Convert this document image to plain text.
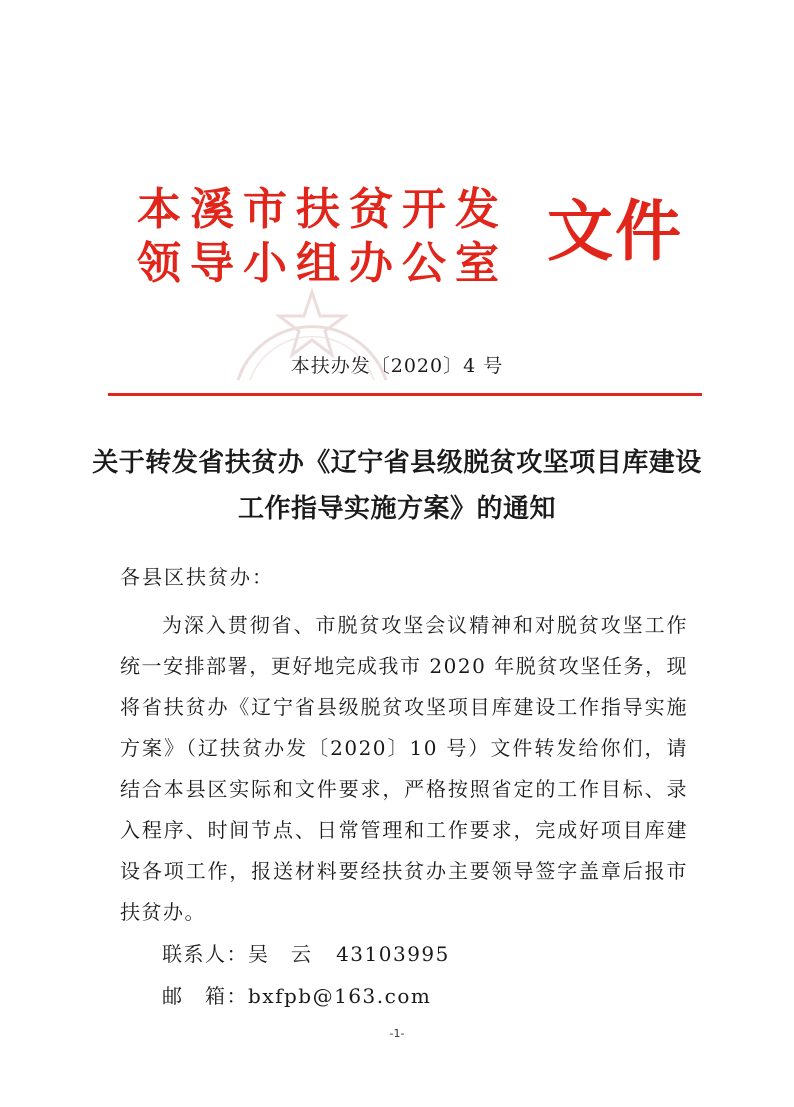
本溪市扶贫开发
领导小组办公室 文件
本扶办发〔2020〕4 号
关于转发省扶贫办《辽宁省县级脱贫攻坚项目库建设工作指导实施方案》的通知
各县区扶贫办：
为深入贯彻省、市脱贫攻坚会议精神和对脱贫攻坚工作统一安排部署，更好地完成我市 2020 年脱贫攻坚任务，现将省扶贫办《辽宁省县级脱贫攻坚项目库建设工作指导实施方案》（辽扶贫办发〔2020〕10 号）文件转发给你们，请结合本县区实际和文件要求，严格按照省定的工作目标、录入程序、时间节点、日常管理和工作要求，完成好项目库建设各项工作，报送材料要经扶贫办主要领导签字盖章后报市扶贫办。
联系人：吴　云 43103995
邮　箱：bxfpb@163.com
-1-
